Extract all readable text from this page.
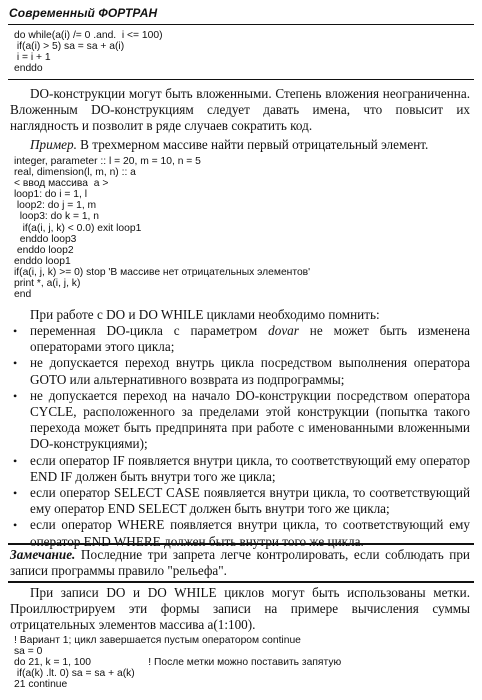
Современный ФОРТРАН
do while(a(i) /= 0 .and.  i <= 100)
if(a(i) > 5) sa = sa + a(i)
i = i + 1
enddo
DO-конструкции могут быть вложенными. Степень вложения неограниченна. Вложенным DO-конструкциям следует давать имена, что повысит их наглядность и позволит в ряде случаев сократить код.
Пример. В трехмерном массиве найти первый отрицательный элемент.
integer, parameter :: l = 20, m = 10, n = 5
real, dimension(l, m, n) :: a
< ввод массива  a >
loop1: do i = 1, l
loop2: do j = 1, m
loop3: do k = 1, n
if(a(i, j, k) < 0.0) exit loop1
enddo loop3
enddo loop2
enddo loop1
if(a(i, j, k) >= 0) stop 'В массиве нет отрицательных элементов'
print *, a(i, j, k)
end
При работе с DO и DO WHILE циклами необходимо помнить:
• переменная DO-цикла с параметром dovar не может быть изменена операторами этого цикла;
• не допускается переход внутрь цикла посредством выполнения оператора GOTO или альтернативного возврата из подпрограммы;
• не допускается переход на начало DO-конструкции посредством оператора CYCLE, расположенного за пределами этой конструкции (попытка такого перехода может быть предпринята при работе с именованными вложенными DO-конструкциями);
• если оператор IF появляется внутри цикла, то соответствующий ему оператор END IF должен быть внутри того же цикла;
• если оператор SELECT CASE появляется внутри цикла, то соответствующий ему оператор END SELECT должен быть внутри того же цикла;
• если оператор WHERE появляется внутри цикла, то соответствующий ему оператор END WHERE должен быть внутри того же цикла.
Замечание. Последние три запрета легче контролировать, если соблюдать при записи программы правило "рельефа".
При записи DO и DO WHILE циклов могут быть использованы метки. Проиллюстрируем эти формы записи на примере вычисления суммы отрицательных элементов массива a(1:100).
! Вариант 1; цикл завершается пустым оператором continue
sa = 0
do 21, k = 1, 100                    ! После метки можно поставить запятую
if(a(k) .lt. 0) sa = sa + a(k)
21 continue
